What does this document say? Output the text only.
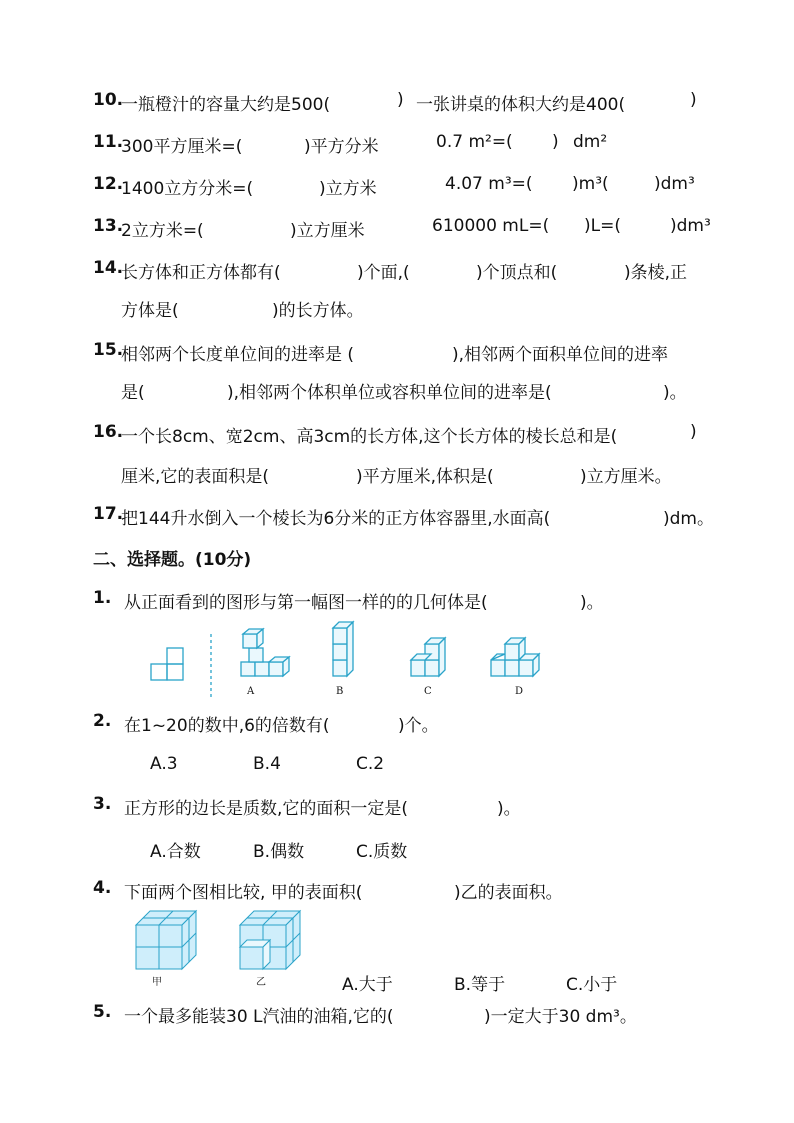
10.
一瓶橙汁的容量大约是500(	) 一张讲桌的体积大约是400(	)
11.
300平方厘米=(	)平方分米	0.7 m²=( ) dm²
12.
1400立方分米=(	)立方米	4.07 m³=( )m³(	)dm³
13.
2立方米=(	)立方厘米	610000 mL=( )L=(	)dm³
14.
长方体和正方体都有(	)个面,(	)个顶点和(	)条棱,正
方体是(	)的长方体。
15.
相邻两个长度单位间的进率是 (	),相邻两个面积单位间的进率
是(	),相邻两个体积单位或容积单位间的进率是(	)。
16.
一个长8cm、宽2cm、高3cm的长方体,这个长方体的棱长总和是(	)
厘米,它的表面积是(	)平方厘米,体积是(	)立方厘米。
17.
把144升水倒入一个棱长为6分米的正方体容器里,水面高(	)dm。
二、选择题。(10分)
1. 从正面看到的图形与第一幅图一样的的几何体是(	)。
A	B	C	D
2. 在1~20的数中,6的倍数有(	)个。
A.3	B.4	C.2
3. 正方形的边长是质数,它的面积一定是(	)。
A.合数	B.偶数	C.质数
4. 下面两个图相比较, 甲的表面积(	)乙的表面积。
甲	乙	A.大于	B.等于	C.小于
5. 一个最多能装30 L汽油的油箱,它的(	)一定大于30 dm³。
